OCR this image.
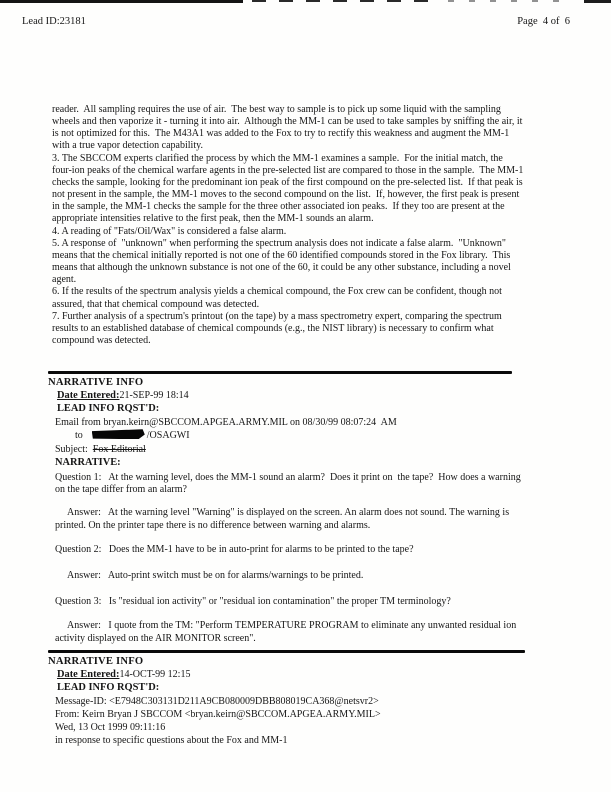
Lead ID:23181	Page  4 of  6

reader.  All sampling requires the use of air.  The best way to sample is to pick up some liquid with the sampling wheels and then vaporize it - turning it into air.  Although the MM-1 can be used to take samples by sniffing the air, it is not optimized for this.  The M43A1 was added to the Fox to try to rectify this weakness and augment the MM-1 with a true vapor detection capability.

3. The SBCCOM experts clarified the process by which the MM-1 examines a sample.  For the initial match, the four-ion peaks of the chemical warfare agents in the pre-selected list are compared to those in the sample.  The MM-1 checks the sample, looking for the predominant ion peak of the first compound on the pre-selected list.  If that peak is not present in the sample, the MM-1 moves to the second compound on the list.  If, however, the first peak is present in the sample, the MM-1 checks the sample for the three other associated ion peaks.  If they too are present at the appropriate intensities relative to the first peak, then the MM-1 sounds an alarm.

4. A reading of "Fats/Oil/Wax" is considered a false alarm.

5. A response of  "unknown" when performing the spectrum analysis does not indicate a false alarm.  "Unknown" means that the chemical initially reported is not one of the 60 identified compounds stored in the Fox library.  This means that although the unknown substance is not one of the 60, it could be any other substance, including a novel agent.

6. If the results of the spectrum analysis yields a chemical compound, the Fox crew can be confident, though not assured, that that chemical compound was detected.

7. Further analysis of a spectrum's printout (on the tape) by a mass spectrometry expert, comparing the spectrum results to an established database of chemical compounds (e.g., the NIST library) is necessary to confirm what compound was detected.

NARRATIVE INFO
Date Entered:21-SEP-99 18:14
LEAD INFO RQST'D:
Email from bryan.keirn@SBCCOM.APGEA.ARMY.MIL on 08/30/99 08:07:24  AM
to	/OSAGWI
Subject:  Fox Editorial
NARRATIVE:

Question 1:   At the warning level, does the MM-1 sound an alarm?  Does it print on  the tape?  How does a warning on the tape differ from an alarm?

Answer:   At the warning level "Warning" is displayed on the screen. An alarm does not sound. The warning is printed. On the printer tape there is no difference between warning and alarms.

Question 2:   Does the MM-1 have to be in auto-print for alarms to be printed to the tape?

Answer:   Auto-print switch must be on for alarms/warnings to be printed.

Question 3:   Is "residual ion activity" or "residual ion contamination" the proper TM terminology?

Answer:   I quote from the TM: "Perform TEMPERATURE PROGRAM to eliminate any unwanted residual ion activity displayed on the AIR MONITOR screen".

NARRATIVE INFO
Date Entered:14-OCT-99 12:15
LEAD INFO RQST'D:
Message-ID: <E7948C303131D211A9CB080009DBB808019CA368@netsvr2>
From: Keirn Bryan J SBCCOM <bryan.keirn@SBCCOM.APGEA.ARMY.MIL>
Wed, 13 Oct 1999 09:11:16
in response to specific questions about the Fox and MM-1
